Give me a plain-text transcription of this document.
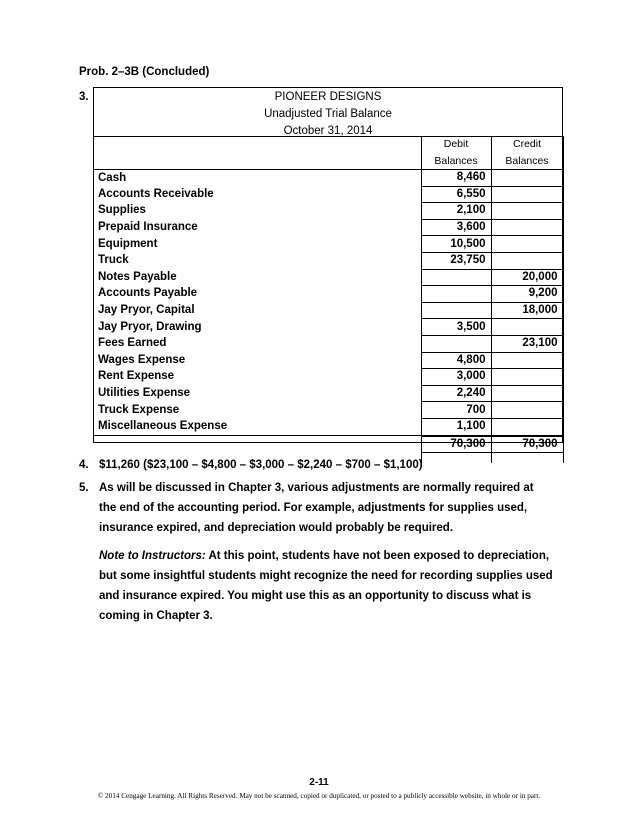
Prob. 2–3B (Concluded)
3.	PIONEER DESIGNS
Unadjusted Trial Balance
October 31, 2014
	Debit	Credit
	Balances	Balances
Cash	8,460	
Accounts Receivable	6,550	
Supplies	2,100	
Prepaid Insurance	3,600	
Equipment	10,500	
Truck	23,750	
Notes Payable		20,000
Accounts Payable		9,200
Jay Pryor, Capital		18,000
Jay Pryor, Drawing	3,500	
Fees Earned		23,100
Wages Expense	4,800	
Rent Expense	3,000	
Utilities Expense	2,240	
Truck Expense	700	
Miscellaneous Expense	1,100	
	70,300	70,300

4. $11,260 ($23,100 – $4,800 – $3,000 – $2,240 – $700 – $1,100)
5. As will be discussed in Chapter 3, various adjustments are normally required at
the end of the accounting period. For example, adjustments for supplies used,
insurance expired, and depreciation would probably be required.
Note to Instructors: At this point, students have not been exposed to depreciation,
but some insightful students might recognize the need for recording supplies used
and insurance expired. You might use this as an opportunity to discuss what is
coming in Chapter 3.
2-11
© 2014 Cengage Learning. All Rights Reserved. May not be scanned, copied or duplicated, or posted to a publicly accessible website, in whole or in part.
